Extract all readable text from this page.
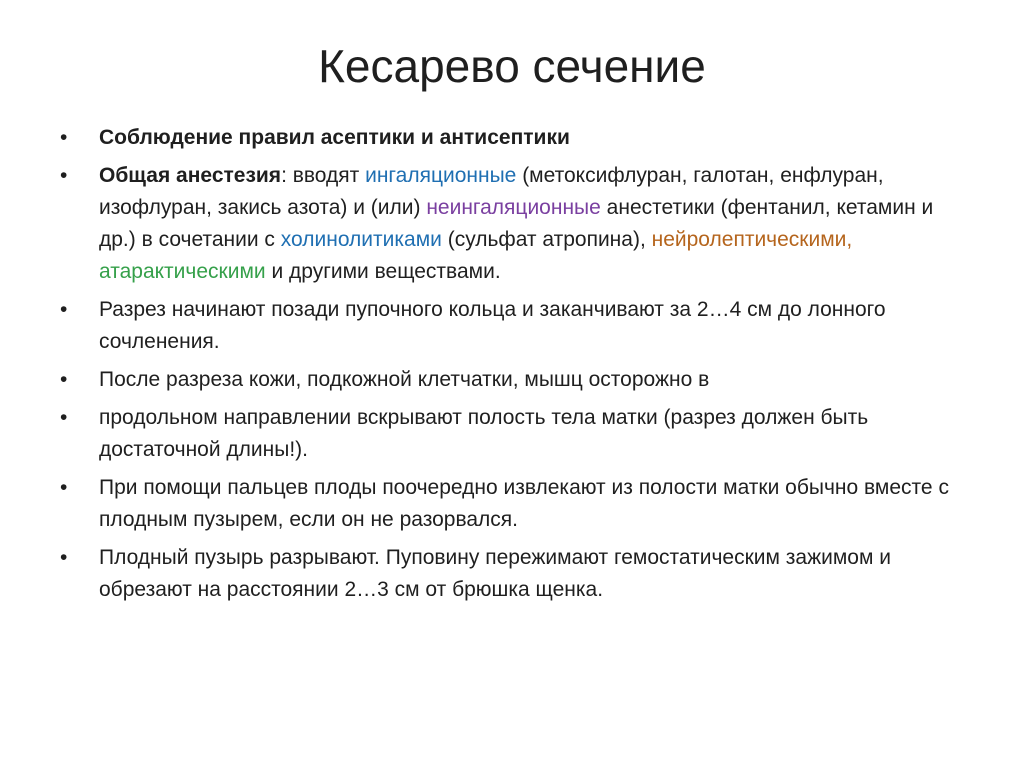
Кесарево сечение
• Соблюдение правил асептики и антисептики
• Общая анестезия: вводят ингаляционные (метоксифлуран, галотан, енфлуран, изофлуран, закись азота) и (или) неингаляционные анестетики (фентанил, кетамин и др.) в сочетании с холинолитиками (сульфат атропина), нейролептическими, атарактическими и другими веществами.
• Разрез начинают позади пупочного кольца и заканчивают за 2…4 см до лонного сочленения.
• После разреза кожи, подкожной клетчатки, мышц осторожно в
• продольном направлении вскрывают полость тела матки (разрез должен быть достаточной длины!).
• При помощи пальцев плоды поочередно извлекают из полости матки обычно вместе с плодным пузырем, если он не разорвался.
• Плодный пузырь разрывают. Пуповину пережимают гемостатическим зажимом и обрезают на расстоянии 2…3 см от брюшка щенка.
